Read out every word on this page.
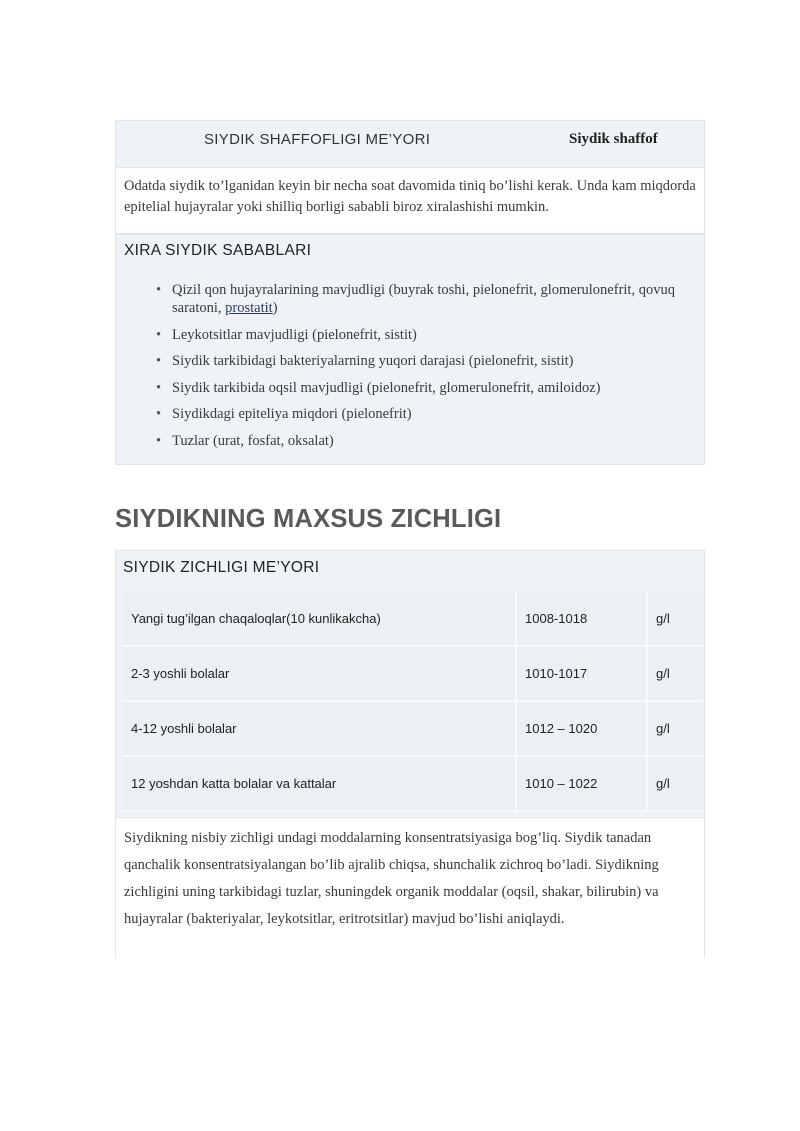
SIYDIK SHAFFOFLIGI ME’YORI	Siydik shaffof
Odatda siydik to’lganidan keyin bir necha soat davomida tiniq bo’lishi kerak. Unda kam miqdorda epitelial hujayralar yoki shilliq borligi sababli biroz xiralashishi mumkin.
XIRA SIYDIK SABABLARI
• Qizil qon hujayralarining mavjudligi (buyrak toshi, pielonefrit, glomerulonefrit, qovuq saratoni, prostatit)
• Leykotsitlar mavjudligi (pielonefrit, sistit)
• Siydik tarkibidagi bakteriyalarning yuqori darajasi (pielonefrit, sistit)
• Siydik tarkibida oqsil mavjudligi (pielonefrit, glomerulonefrit, amiloidoz)
• Siydikdagi epiteliya miqdori (pielonefrit)
• Tuzlar (urat, fosfat, oksalat)
SIYDIKNING MAXSUS ZICHLIGI
SIYDIK ZICHLIGI ME’YORI
Yangi tug’ilgan chaqaloqlar(10 kunlikakcha)	1008-1018	g/l
2-3 yoshli bolalar	1010-1017	g/l
4-12 yoshli bolalar	1012 – 1020	g/l
12 yoshdan katta bolalar va kattalar	1010 – 1022	g/l
Siydikning nisbiy zichligi undagi moddalarning konsentratsiyasiga bog’liq. Siydik tanadan qanchalik konsentratsiyalangan bo’lib ajralib chiqsa, shunchalik zichroq bo’ladi. Siydikning zichligini uning tarkibidagi tuzlar, shuningdek organik moddalar (oqsil, shakar, bilirubin) va hujayralar (bakteriyalar, leykotsitlar, eritrotsitlar) mavjud bo’lishi aniqlaydi.
